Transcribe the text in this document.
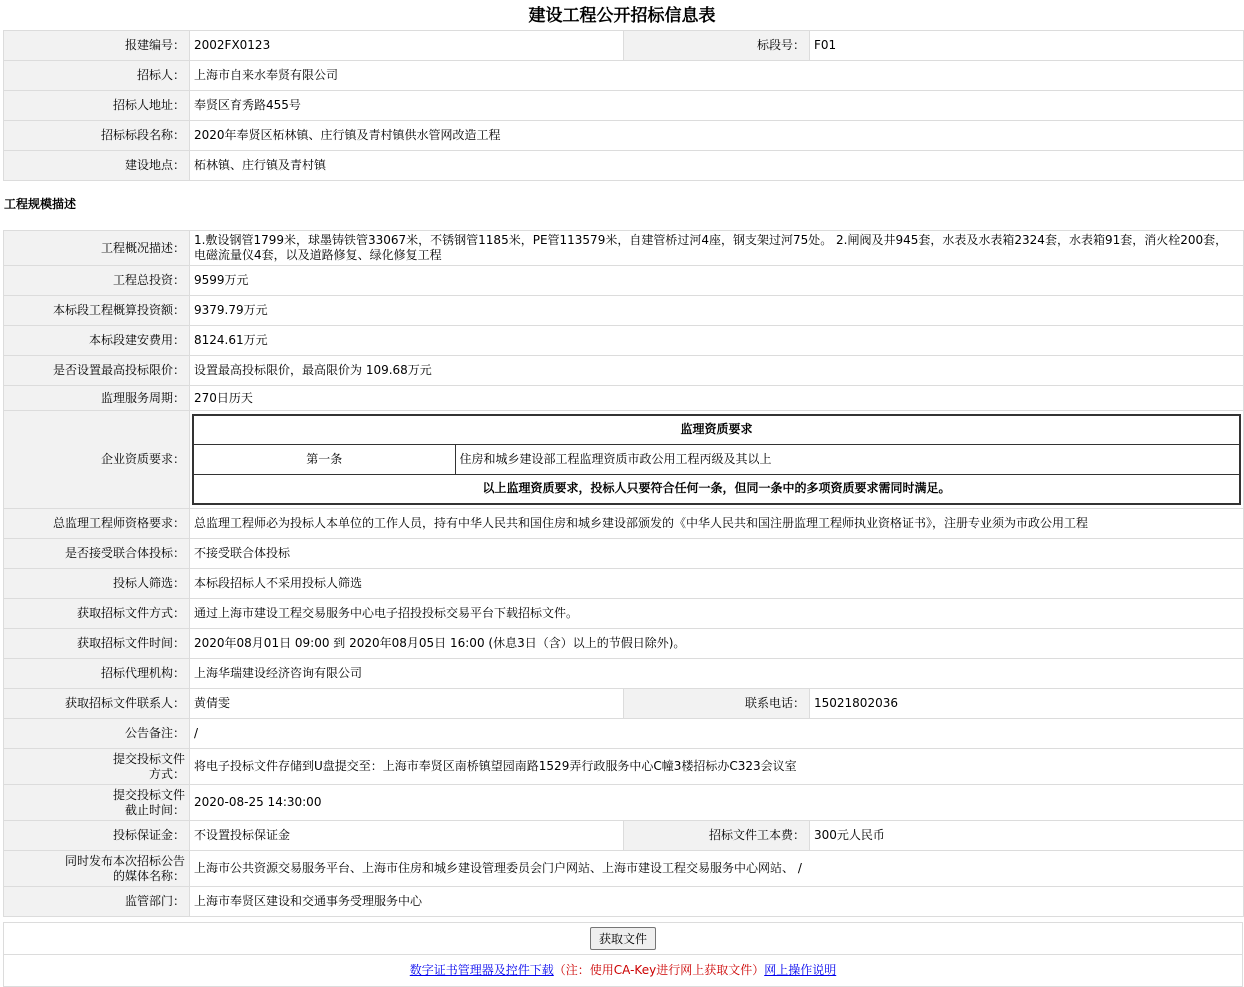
建设工程公开招标信息表
报建编号：	2002FX0123	标段号：	F01
招标人：	上海市自来水奉贤有限公司		
招标人地址：	奉贤区育秀路455号		
招标标段名称：	2020年奉贤区柘林镇、庄行镇及青村镇供水管网改造工程		
建设地点：	柘林镇、庄行镇及青村镇		
工程规模描述
工程概况描述：	1.敷设钢管1799米，球墨铸铁管33067米，不锈钢管1185米，PE管113579米，自建管桥过河4座，钢支架过河75处。 2.闸阀及井945套，水表及水表箱2324套，水表箱91套，消火栓200套，电磁流量仪4套，以及道路修复、绿化修复工程
工程总投资：	9599万元
本标段工程概算投资额：	9379.79万元
本标段建安费用：	8124.61万元
是否设置最高投标限价：	设置最高投标限价，最高限价为 109.68万元
监理服务周期：	270日历天
企业资质要求：	
监理资质要求
第一条	住房和城乡建设部工程监理资质市政公用工程丙级及其以上
以上监理资质要求，投标人只要符合任何一条，但同一条中的多项资质要求需同时满足。

总监理工程师资格要求：	总监理工程师必为投标人本单位的工作人员，持有中华人民共和国住房和城乡建设部颁发的《中华人民共和国注册监理工程师执业资格证书》，注册专业须为市政公用工程
是否接受联合体投标：	不接受联合体投标
投标人筛选：	本标段招标人不采用投标人筛选
获取招标文件方式：	通过上海市建设工程交易服务中心电子招投投标交易平台下载招标文件。
获取招标文件时间：	2020年08月01日 09:00 到 2020年08月05日 16:00 (休息3日（含）以上的节假日除外)。
招标代理机构：	上海华瑞建设经济咨询有限公司
获取招标文件联系人：	黄倩雯	联系电话：	15021802036
公告备注：	/
提交投标文件方式：	将电子投标文件存储到U盘提交至：上海市奉贤区南桥镇望园南路1529弄行政服务中心C幢3楼招标办C323会议室
提交投标文件截止时间：	2020-08-25 14:30:00
投标保证金：	不设置投标保证金	招标文件工本费：	300元人民币
同时发布本次招标公告的媒体名称：	上海市公共资源交易服务平台、上海市住房和城乡建设管理委员会门户网站、上海市建设工程交易服务中心网站、 /
监管部门：	上海市奉贤区建设和交通事务受理服务中心
获取文件
数字证书管理器及控件下载（注：使用CA-Key进行网上获取文件）网上操作说明
